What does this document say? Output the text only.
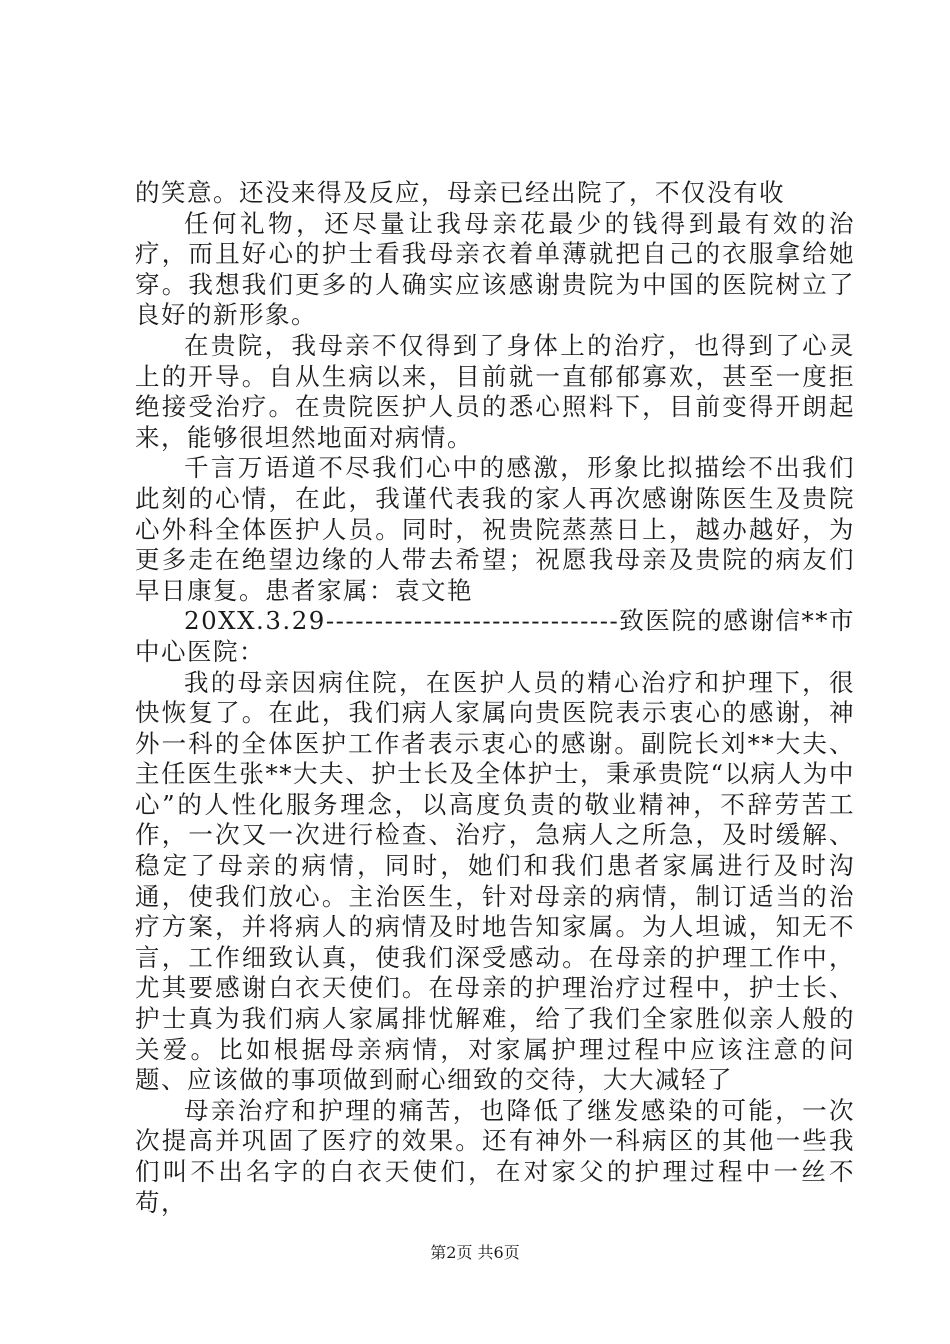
的笑意。还没来得及反应，母亲已经出院了，不仅没有收

任何礼物，还尽量让我母亲花最少的钱得到最有效的治疗，而且好心的护士看我母亲衣着单薄就把自己的衣服拿给她穿。我想我们更多的人确实应该感谢贵院为中国的医院树立了良好的新形象。

在贵院，我母亲不仅得到了身体上的治疗，也得到了心灵上的开导。自从生病以来，目前就一直郁郁寡欢，甚至一度拒绝接受治疗。在贵院医护人员的悉心照料下，目前变得开朗起来，能够很坦然地面对病情。

千言万语道不尽我们心中的感激，形象比拟描绘不出我们此刻的心情，在此，我谨代表我的家人再次感谢陈医生及贵院心外科全体医护人员。同时，祝贵院蒸蒸日上，越办越好，为更多走在绝望边缘的人带去希望；祝愿我母亲及贵院的病友们早日康复。患者家属：袁文艳

20XX.3.29------------------------------致医院的感谢信**市中心医院：

我的母亲因病住院，在医护人员的精心治疗和护理下，很快恢复了。在此，我们病人家属向贵医院表示衷心的感谢，神外一科的全体医护工作者表示衷心的感谢。副院长刘**大夫、主任医生张**大夫、护士长及全体护士，秉承贵院“以病人为中心”的人性化服务理念，以高度负责的敬业精神，不辞劳苦工作，一次又一次进行检查、治疗，急病人之所急，及时缓解、稳定了母亲的病情，同时，她们和我们患者家属进行及时沟通，使我们放心。主治医生，针对母亲的病情，制订适当的治疗方案，并将病人的病情及时地告知家属。为人坦诚，知无不言，工作细致认真，使我们深受感动。在母亲的护理工作中，尤其要感谢白衣天使们。在母亲的护理治疗过程中，护士长、护士真为我们病人家属排忧解难，给了我们全家胜似亲人般的关爱。比如根据母亲病情，对家属护理过程中应该注意的问题、应该做的事项做到耐心细致的交待，大大减轻了

母亲治疗和护理的痛苦，也降低了继发感染的可能，一次次提高并巩固了医疗的效果。还有神外一科病区的其他一些我们叫不出名字的白衣天使们，在对家父的护理过程中一丝不苟，

第2页 共6页
